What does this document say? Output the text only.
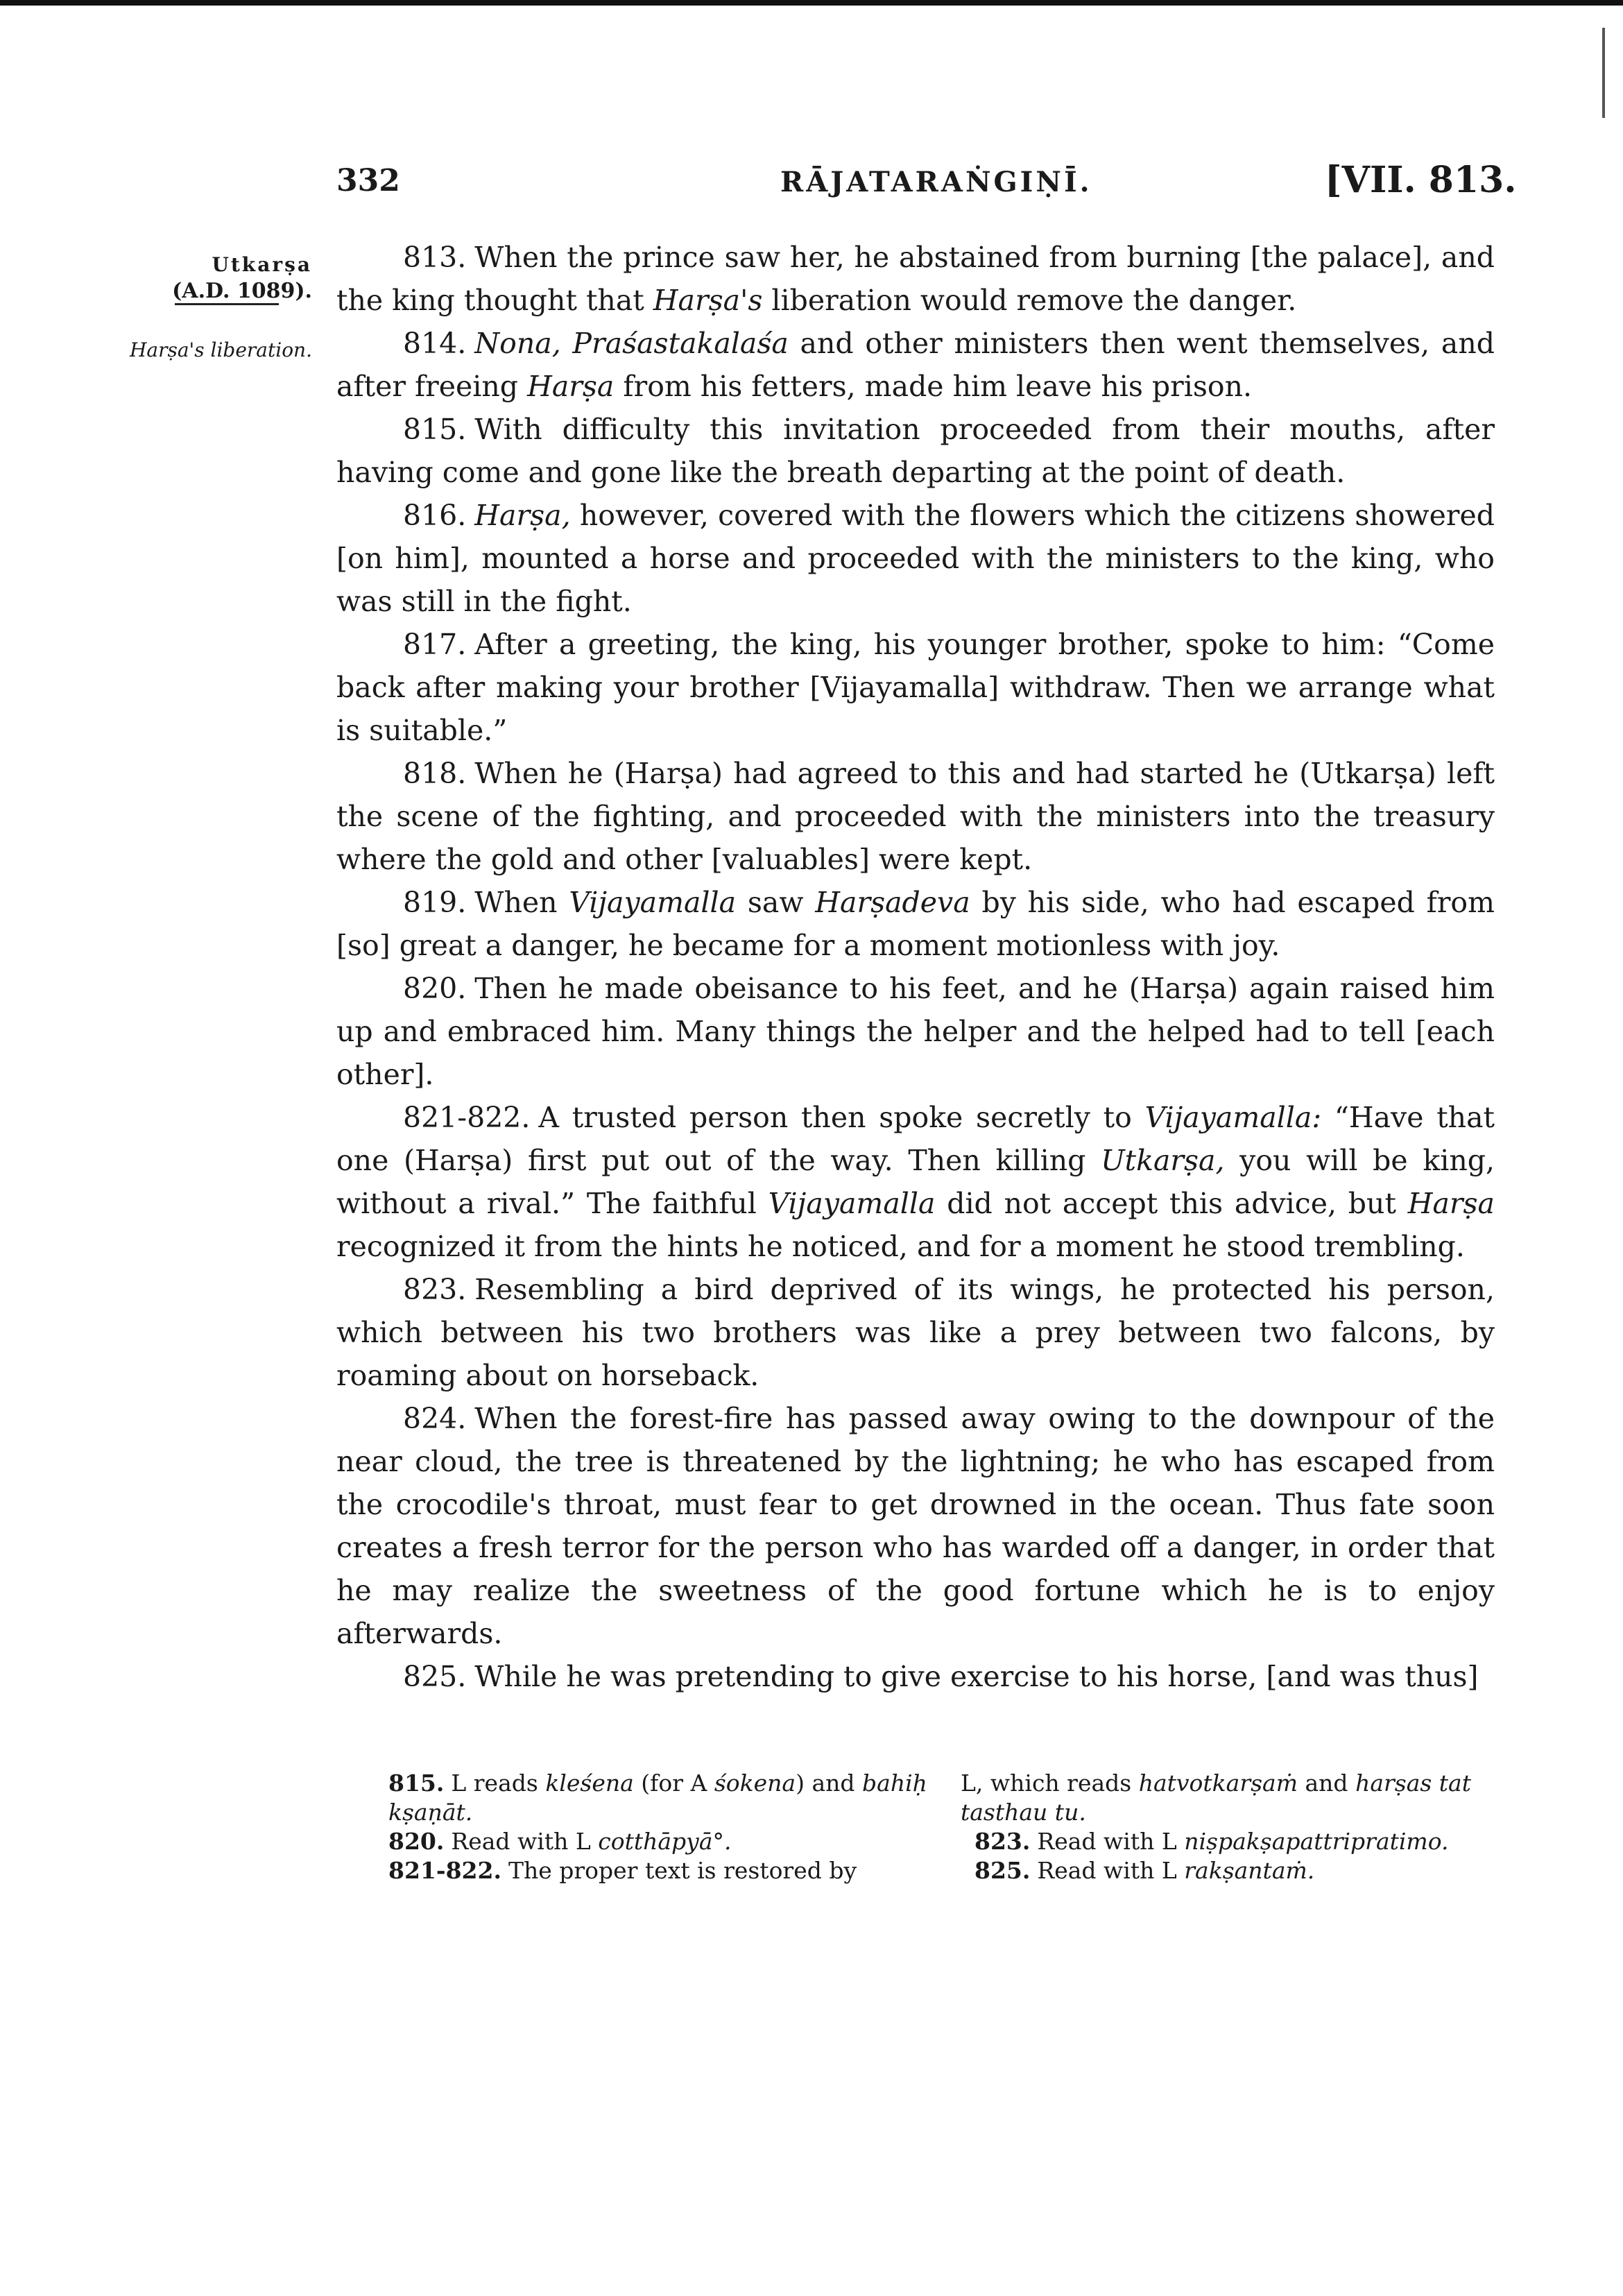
332	RĀJATARAṄGIṆĪ.	[VII. 813.
Utkarṣa
(A.D. 1089).
Harṣa's liberation.

813. When the prince saw her, he abstained from burning [the palace], and the king thought that Harṣa's liberation would remove the danger.

814. Nona, Praśastakalaśa and other ministers then went themselves, and after freeing Harṣa from his fetters, made him leave his prison.

815. With difficulty this invitation proceeded from their mouths, after having come and gone like the breath departing at the point of death.

816. Harṣa, however, covered with the flowers which the citizens showered [on him], mounted a horse and proceeded with the ministers to the king, who was still in the fight.

817. After a greeting, the king, his younger brother, spoke to him: “Come back after making your brother [Vijayamalla] withdraw. Then we arrange what is suitable.”

818. When he (Harṣa) had agreed to this and had started he (Utkarṣa) left the scene of the fighting, and proceeded with the ministers into the treasury where the gold and other [valuables] were kept.

819. When Vijayamalla saw Harṣadeva by his side, who had escaped from [so] great a danger, he became for a moment motionless with joy.

820. Then he made obeisance to his feet, and he (Harṣa) again raised him up and embraced him. Many things the helper and the helped had to tell [each other].

821-822. A trusted person then spoke secretly to Vijayamalla: “Have that one (Harṣa) first put out of the way. Then killing Utkarṣa, you will be king, without a rival.” The faithful Vijayamalla did not accept this advice, but Harṣa recognized it from the hints he noticed, and for a moment he stood trembling.

823. Resembling a bird deprived of its wings, he protected his person, which between his two brothers was like a prey between two falcons, by roaming about on horseback.

824. When the forest-fire has passed away owing to the downpour of the near cloud, the tree is threatened by the lightning; he who has escaped from the crocodile's throat, must fear to get drowned in the ocean. Thus fate soon creates a fresh terror for the person who has warded off a danger, in order that he may realize the sweetness of the good fortune which he is to enjoy afterwards.

825. While he was pretending to give exercise to his horse, [and was thus]

815. L reads kleśena (for A śokena) and bahiḥ kṣaṇāt.

820. Read with L cotthāpyā°.

821-822. The proper text is restored by

L, which reads hatvotkarṣaṁ and harṣas tat tasthau tu.

823. Read with L niṣpakṣapattripratimo.

825. Read with L rakṣantaṁ.
